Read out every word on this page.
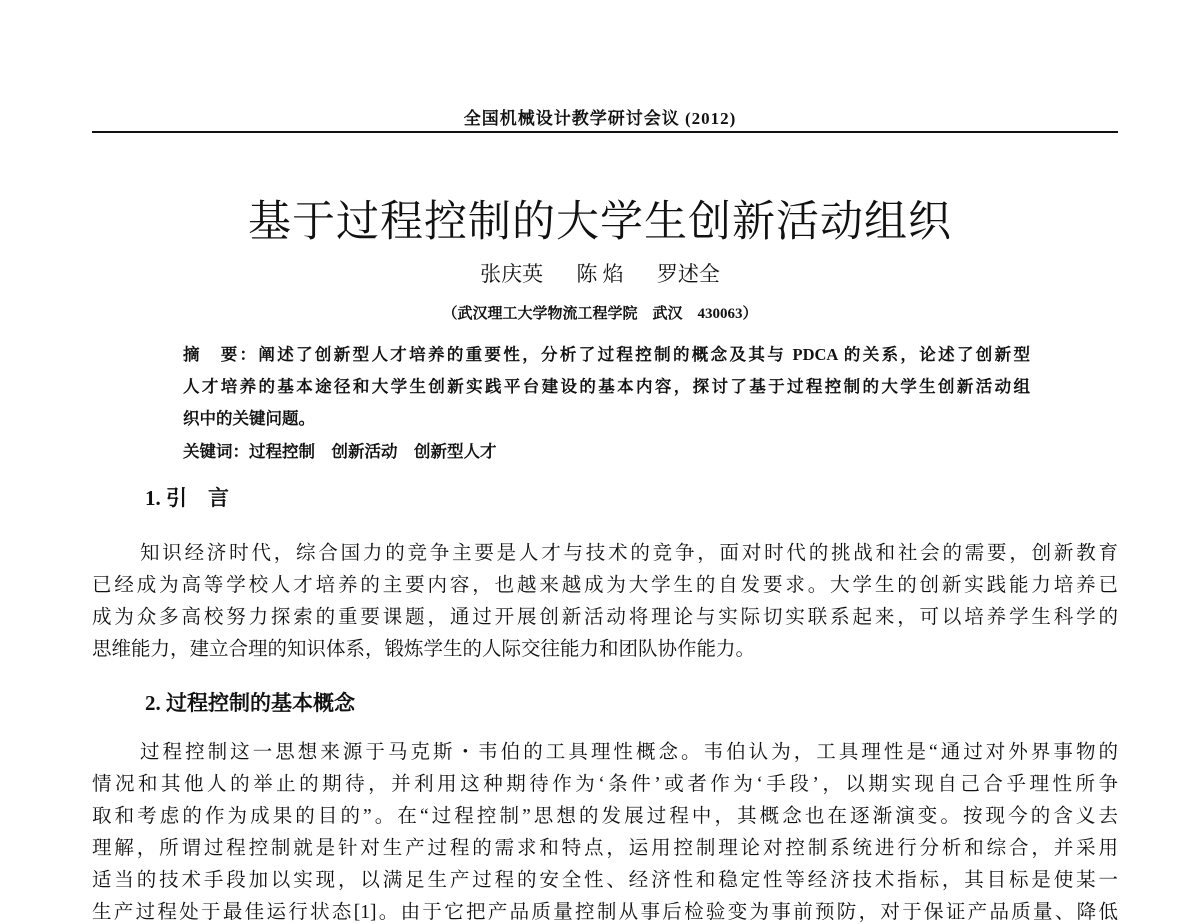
全国机械设计教学研讨会议 (2012)
基于过程控制的大学生创新活动组织
张庆英 陈 焰 罗述全
（武汉理工大学物流工程学院　武汉　430063）
摘　要：阐述了创新型人才培养的重要性，分析了过程控制的概念及其与 PDCA 的关系，论述了创新型
人才培养的基本途径和大学生创新实践平台建设的基本内容，探讨了基于过程控制的大学生创新活动组
织中的关键问题。
关键词：过程控制　创新活动　创新型人才
1. 引　言
知识经济时代，综合国力的竞争主要是人才与技术的竞争，面对时代的挑战和社会的需要，创新教育
已经成为高等学校人才培养的主要内容，也越来越成为大学生的自发要求。大学生的创新实践能力培养已
成为众多高校努力探索的重要课题，通过开展创新活动将理论与实际切实联系起来，可以培养学生科学的
思维能力，建立合理的知识体系，锻炼学生的人际交往能力和团队协作能力。
2. 过程控制的基本概念
过程控制这一思想来源于马克斯・韦伯的工具理性概念。韦伯认为，工具理性是“通过对外界事物的
情况和其他人的举止的期待，并利用这种期待作为‘条件’或者作为‘手段’，以期实现自己合乎理性所争
取和考虑的作为成果的目的”。在“过程控制”思想的发展过程中，其概念也在逐渐演变。按现今的含义去
理解，所谓过程控制就是针对生产过程的需求和特点，运用控制理论对控制系统进行分析和综合，并采用
适当的技术手段加以实现，以满足生产过程的安全性、经济性和稳定性等经济技术指标，其目标是使某一
生产过程处于最佳运行状态[1]。由于它把产品质量控制从事后检验变为事前预防，对于保证产品质量、降低
